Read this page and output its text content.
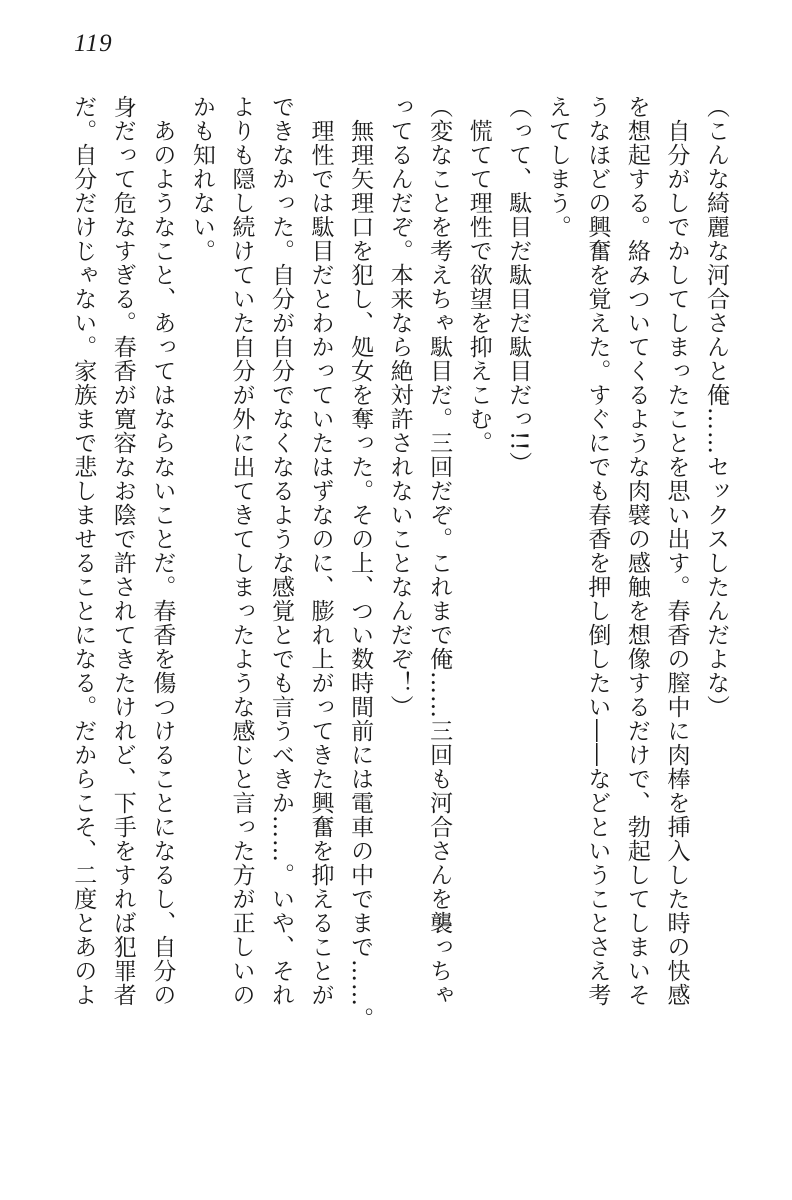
119
（こんな綺麗な河合さんと俺……セックスしたんだよな）
　自分がしでかしてしまったことを思い出す。春香の膣中に肉棒を挿入した時の快感
を想起する。絡みついてくるような肉襞の感触を想像するだけで、勃起してしまいそ
うなほどの興奮を覚えた。すぐにでも春香を押し倒したい――などということさえ考
えてしまう。
（って、駄目だ駄目だ駄目だっ!!）
　慌てて理性で欲望を抑えこむ。
（変なことを考えちゃ駄目だ。三回だぞ。これまで俺……三回も河合さんを襲っちゃ
ってるんだぞ。本来なら絶対許されないことなんだぞ！）
　無理矢理口を犯し、処女を奪った。その上、つい数時間前には電車の中でまで……。
　理性では駄目だとわかっていたはずなのに、膨れ上がってきた興奮を抑えることが
できなかった。自分が自分でなくなるような感覚とでも言うべきか……。いや、それ
よりも隠し続けていた自分が外に出てきてしまったような感じと言った方が正しいの
かも知れない。
　あのようなこと、あってはならないことだ。春香を傷つけることになるし、自分の
身だって危なすぎる。春香が寛容なお陰で許されてきたけれど、下手をすれば犯罪者
だ。自分だけじゃない。家族まで悲しませることになる。だからこそ、二度とあのよ
